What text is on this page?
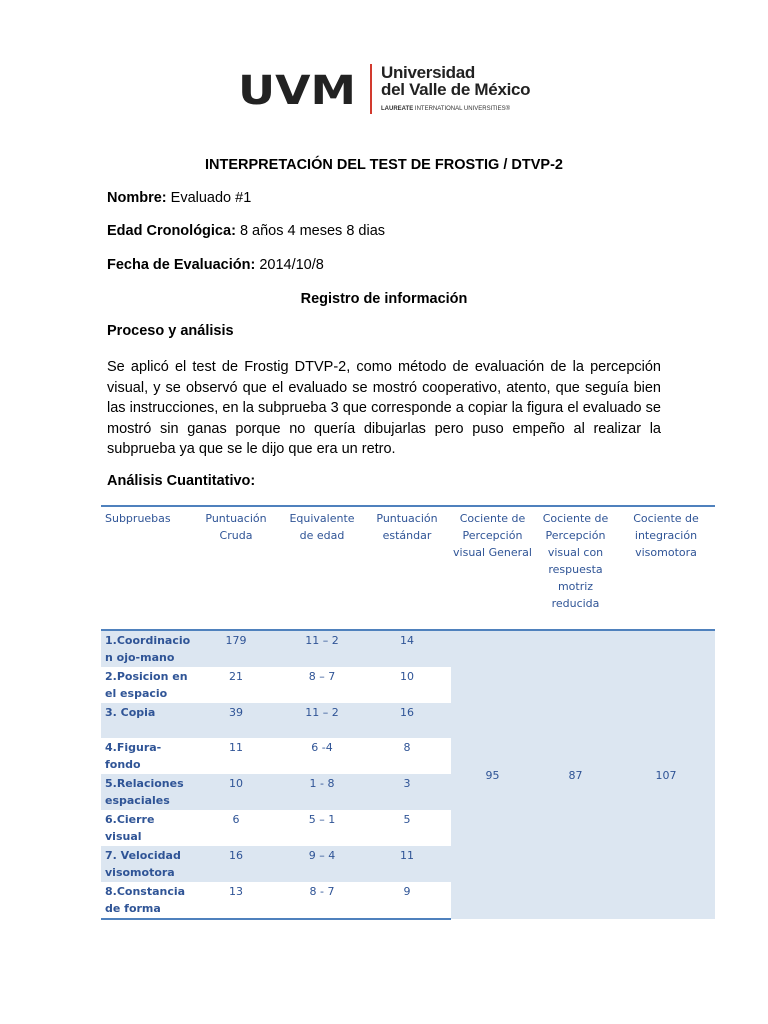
UVM Universidad
del Valle de México
LAUREATE INTERNATIONAL UNIVERSITIES®
INTERPRETACIÓN DEL TEST DE FROSTIG / DTVP-2
Nombre: Evaluado #1
Edad Cronológica: 8 años 4 meses 8 dias
Fecha de Evaluación: 2014/10/8
Registro de información
Proceso y análisis
Se aplicó el test de Frostig DTVP-2, como método de evaluación de la percepción visual, y se observó que el evaluado se mostró cooperativo, atento, que seguía bien las instrucciones, en la subprueba 3 que corresponde a copiar la figura el evaluado se mostró sin ganas porque no quería dibujarlas pero puso empeño al realizar la subprueba ya que se le dijo que era un retro.
Análisis Cuantitativo:
Subpruebas	Puntuación Cruda	Equivalente de edad	Puntuación estándar	Cociente de Percepción visual General	Cociente de Percepción visual con respuesta motriz reducida	Cociente de integración visomotora
1.Coordinacio n ojo-mano	179	11 – 2	14	95	87	107
2.Posicion en el espacio	21	8 – 7	10			
3. Copia	39	11 – 2	16			
4.Figura-fondo	11	6 -4	8			
5.Relaciones espaciales	10	1 - 8	3			
6.Cierre visual	6	5 – 1	5			
7. Velocidad visomotora	16	9 – 4	11			
8.Constancia de forma	13	8 - 7	9			
